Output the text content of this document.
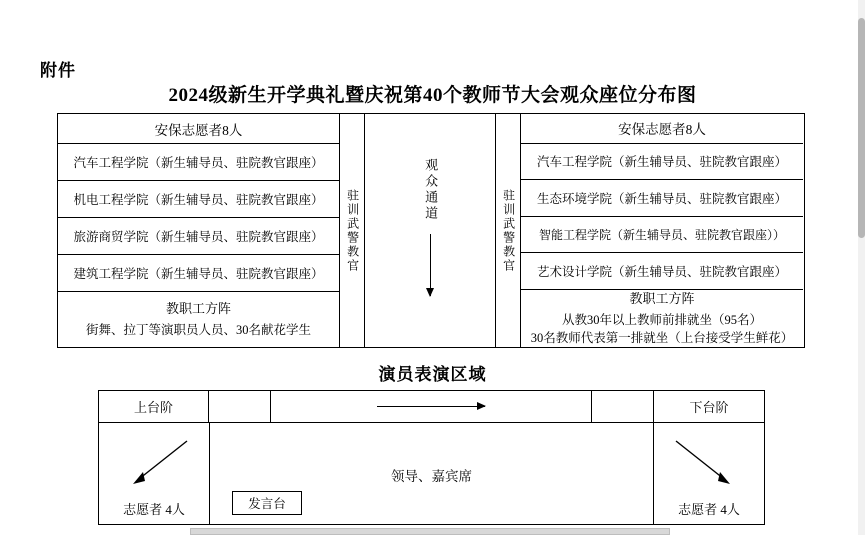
附件
2024级新生开学典礼暨庆祝第40个教师节大会观众座位分布图
安保志愿者8人
汽车工程学院（新生辅导员、驻院教官跟座）
机电工程学院（新生辅导员、驻院教官跟座）
旅游商贸学院（新生辅导员、驻院教官跟座）
建筑工程学院（新生辅导员、驻院教官跟座）
教职工方阵
街舞、拉丁等演职员人员、30名献花学生
驻训武警教官	观众通道	驻训武警教官
安保志愿者8人
汽车工程学院（新生辅导员、驻院教官跟座）
生态环境学院（新生辅导员、驻院教官跟座）
智能工程学院（新生辅导员、驻院教官跟座））
艺术设计学院（新生辅导员、驻院教官跟座）
教职工方阵
从教30年以上教师前排就坐（95名）
30名教师代表第一排就坐（上台接受学生鲜花）
演员表演区域
上台阶	下台阶
志愿者 4人	志愿者 4人
领导、嘉宾席
发言台
